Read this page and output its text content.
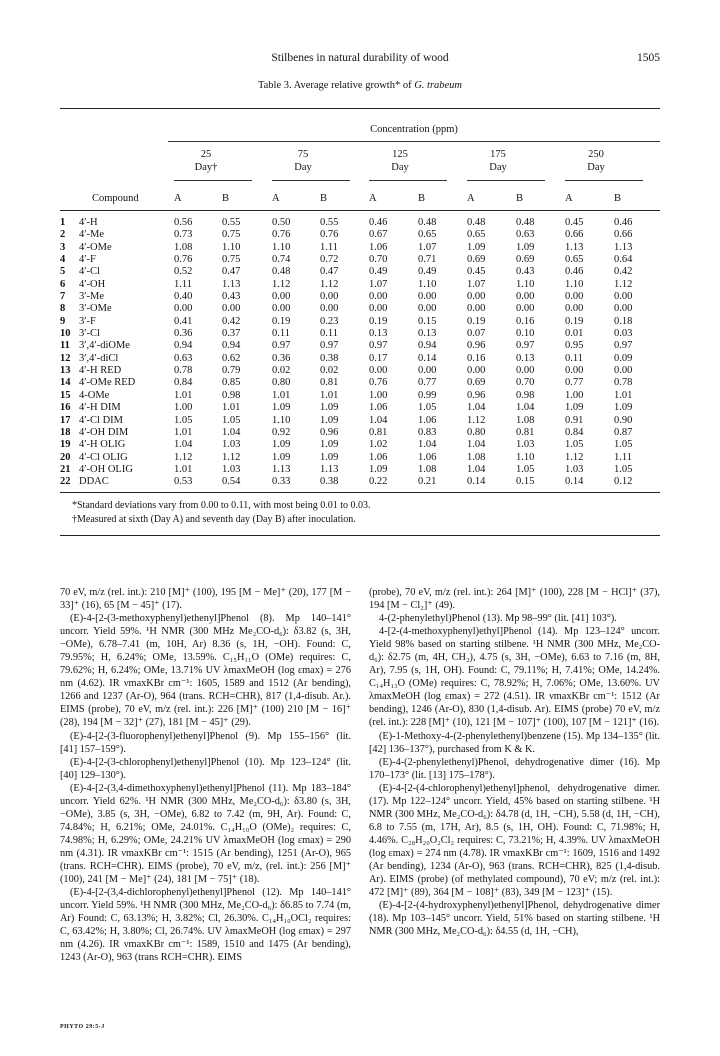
Stilbenes in natural durability of wood	1505
Table 3. Average relative growth* of G. trabeum
Concentration (ppm)
25
Day†
75
Day
125
Day
175
Day
250
Day
Compound	A	B	A	B	A	B	A	B	A	B
1 4′-H	0.56	0.55	0.50	0.55	0.46	0.48	0.48	0.48	0.45	0.46
2 4′-Me	0.73	0.75	0.76	0.76	0.67	0.65	0.65	0.63	0.66	0.66
3 4′-OMe	1.08	1.10	1.10	1.11	1.06	1.07	1.09	1.09	1.13	1.13
4 4′-F	0.76	0.75	0.74	0.72	0.70	0.71	0.69	0.69	0.65	0.64
5 4′-Cl	0.52	0.47	0.48	0.47	0.49	0.49	0.45	0.43	0.46	0.42
6 4′-OH	1.11	1.13	1.12	1.12	1.07	1.10	1.07	1.10	1.10	1.12
7 3′-Me	0.40	0.43	0.00	0.00	0.00	0.00	0.00	0.00	0.00	0.00
8 3′-OMe	0.00	0.00	0.00	0.00	0.00	0.00	0.00	0.00	0.00	0.00
9 3′-F	0.41	0.42	0.19	0.23	0.19	0.15	0.19	0.16	0.19	0.18
10 3′-Cl	0.36	0.37	0.11	0.11	0.13	0.13	0.07	0.10	0.01	0.03
11 3′,4′-diOMe	0.94	0.94	0.97	0.97	0.97	0.94	0.96	0.97	0.95	0.97
12 3′,4′-diCl	0.63	0.62	0.36	0.38	0.17	0.14	0.16	0.13	0.11	0.09
13 4′-H RED	0.78	0.79	0.02	0.02	0.00	0.00	0.00	0.00	0.00	0.00
14 4′-OMe RED	0.84	0.85	0.80	0.81	0.76	0.77	0.69	0.70	0.77	0.78
15 4-OMe	1.01	0.98	1.01	1.01	1.00	0.99	0.96	0.98	1.00	1.01
16 4′-H DIM	1.00	1.01	1.09	1.09	1.06	1.05	1.04	1.04	1.09	1.09
17 4′-Cl DIM	1.05	1.05	1.10	1.09	1.04	1.06	1.12	1.08	0.91	0.90
18 4′-OH DIM	1.01	1.04	0.92	0.96	0.81	0.83	0.80	0.81	0.84	0.87
19 4′-H OLIG	1.04	1.03	1.09	1.09	1.02	1.04	1.04	1.03	1.05	1.05
20 4′-Cl OLIG	1.12	1.12	1.09	1.09	1.06	1.06	1.08	1.10	1.12	1.11
21 4′-OH OLIG	1.01	1.03	1.13	1.13	1.09	1.08	1.04	1.05	1.03	1.05
22 DDAC	0.53	0.54	0.33	0.38	0.22	0.21	0.14	0.15	0.14	0.12
*Standard deviations vary from 0.00 to 0.11, with most being 0.01 to 0.03.
†Measured at sixth (Day A) and seventh day (Day B) after inoculation.

70 eV, m/z (rel. int.): 210 [M]⁺ (100), 195 [M − Me]⁺ (20), 177 [M − 33]⁺ (16), 65 [M − 45]⁺ (17).

(E)-4-[2-(3-methoxyphenyl)ethenyl]Phenol (8). Mp 140–141° uncorr. Yield 59%. ¹H NMR (300 MHz Me₂CO-d₆): δ3.82 (s, 3H, −OMe), 6.78–7.41 (m, 10H, Ar) 8.36 (s, 1H, −OH). Found: C, 79.95%; H, 6.24%; OMe, 13.59%. C₁₅H₁₁O (OMe) requires: C, 79.62%; H, 6.24%; OMe, 13.71% UV λmaxMeOH (log εmax) = 276 nm (4.62). IR νmaxKBr cm⁻¹: 1605, 1589 and 1512 (Ar bending), 1266 and 1237 (Ar-O), 964 (trans. RCH=CHR), 817 (1,4-disub. Ar.). EIMS (probe), 70 eV, m/z (rel. int.): 226 [M]⁺ (100) 210 [M − 16]⁺ (28), 194 [M − 32]⁺ (27), 181 [M − 45]⁺ (29).

(E)-4-[2-(3-fluorophenyl)ethenyl]Phenol (9). Mp 155–156° (lit. [41] 157–159°).

(E)-4-[2-(3-chlorophenyl)ethenyl]Phenol (10). Mp 123–124° (lit. [40] 129–130°).

(E)-4-[2-(3,4-dimethoxyphenyl)ethenyl]Phenol (11). Mp 183–184° uncorr. Yield 62%. ¹H NMR (300 MHz, Me₂CO-d₆): δ3.80 (s, 3H, −OMe), 3.85 (s, 3H, −OMe), 6.82 to 7.42 (m, 9H, Ar). Found: C, 74.84%; H, 6.21%; OMe, 24.01%. C₁₄H₁₀O (OMe)₂ requires: C, 74.98%; H, 6.29%; OMe, 24.21% UV λmaxMeOH (log εmax) = 290 nm (4.31). IR νmaxKBr cm⁻¹: 1515 (Ar bending), 1251 (Ar-O), 965 (trans. RCH=CHR). EIMS (probe), 70 eV, m/z, (rel. int.): 256 [M]⁺ (100), 241 [M − Me]⁺ (24), 181 [M − 75]⁺ (18).

(E)-4-[2-(3,4-dichlorophenyl)ethenyl]Phenol (12). Mp 140–141° uncorr. Yield 59%. ¹H NMR (300 MHz, Me₂CO-d₆): δ6.85 to 7.74 (m, Ar) Found: C, 63.13%; H, 3.82%; Cl, 26.30%. C₁₄H₁₀OCl₂ requires: C, 63.42%; H, 3.80%; Cl, 26.74%. UV λmaxMeOH (log εmax) = 297 nm (4.26). IR νmaxKBr cm⁻¹: 1589, 1510 and 1475 (Ar bending), 1243 (Ar-O), 963 (trans RCH=CHR). EIMS

(probe), 70 eV, m/z (rel. int.): 264 [M]⁺ (100), 228 [M − HCl]⁺ (37), 194 [M − Cl₂]⁺ (49).

4-(2-phenylethyl)Phenol (13). Mp 98–99° (lit. [41] 103°).

4-[2-(4-methoxyphenyl)ethyl]Phenol (14). Mp 123–124° uncorr. Yield 98% based on starting stilbene. ¹H NMR (300 MHz, Me₂CO-d₆): δ2.75 (m, 4H, CH₂), 4.75 (s, 3H, −OMe), 6.63 to 7.16 (m, 8H, Ar), 7.95 (s, 1H, OH). Found: C, 79.11%; H, 7.41%; OMe, 14.24%. C₁₄H₁₃O (OMe) requires: C, 78.92%; H, 7.06%; OMe, 13.60%. UV λmaxMeOH (log εmax) = 272 (4.51). IR νmaxKBr cm⁻¹: 1512 (Ar bending), 1246 (Ar-O), 830 (1,4-disub. Ar). EIMS (probe) 70 eV, m/z (rel. int.): 228 [M]⁺ (10), 121 [M − 107]⁺ (100), 107 [M − 121]⁺ (16).

(E)-1-Methoxy-4-(2-phenylethenyl)benzene (15). Mp 134–135° (lit. [42] 136–137°), purchased from K & K.

(E)-4-(2-phenylethenyl)Phenol, dehydrogenative dimer (16). Mp 170–173° (lit. [13] 175–178°).

(E)-4-[2-(4-chlorophenyl)ethenyl]phenol, dehydrogenative dimer. (17). Mp 122–124° uncorr. Yield, 45% based on starting stilbene. ¹H NMR (300 MHz, Me₂CO-d₆): δ4.78 (d, 1H, −CH), 5.58 (d, 1H, −CH), 6.8 to 7.55 (m, 17H, Ar), 8.5 (s, 1H, OH). Found: C, 71.98%; H, 4.46%. C₂₈H₂₀O₂Cl₂ requires: C, 73.21%; H, 4.39%. UV λmaxMeOH (log εmax) = 274 nm (4.78). IR νmaxKBr cm⁻¹: 1609, 1516 and 1492 (Ar bending), 1234 (Ar-O), 963 (trans. RCH=CHR), 825 (1,4-disub. Ar). EIMS (probe) (of methylated compound), 70 eV; m/z (rel. int.): 472 [M]⁺ (89), 364 [M − 108]⁺ (83), 349 [M − 123]⁺ (15).

(E)-4-[2-(4-hydroxyphenyl)ethenyl]Phenol, dehydrogenative dimer (18). Mp 103–145° uncorr. Yield, 51% based on starting stilbene. ¹H NMR (300 MHz, Me₂CO-d₆): δ4.55 (d, 1H, −CH),

PHYTO 29:5-J
